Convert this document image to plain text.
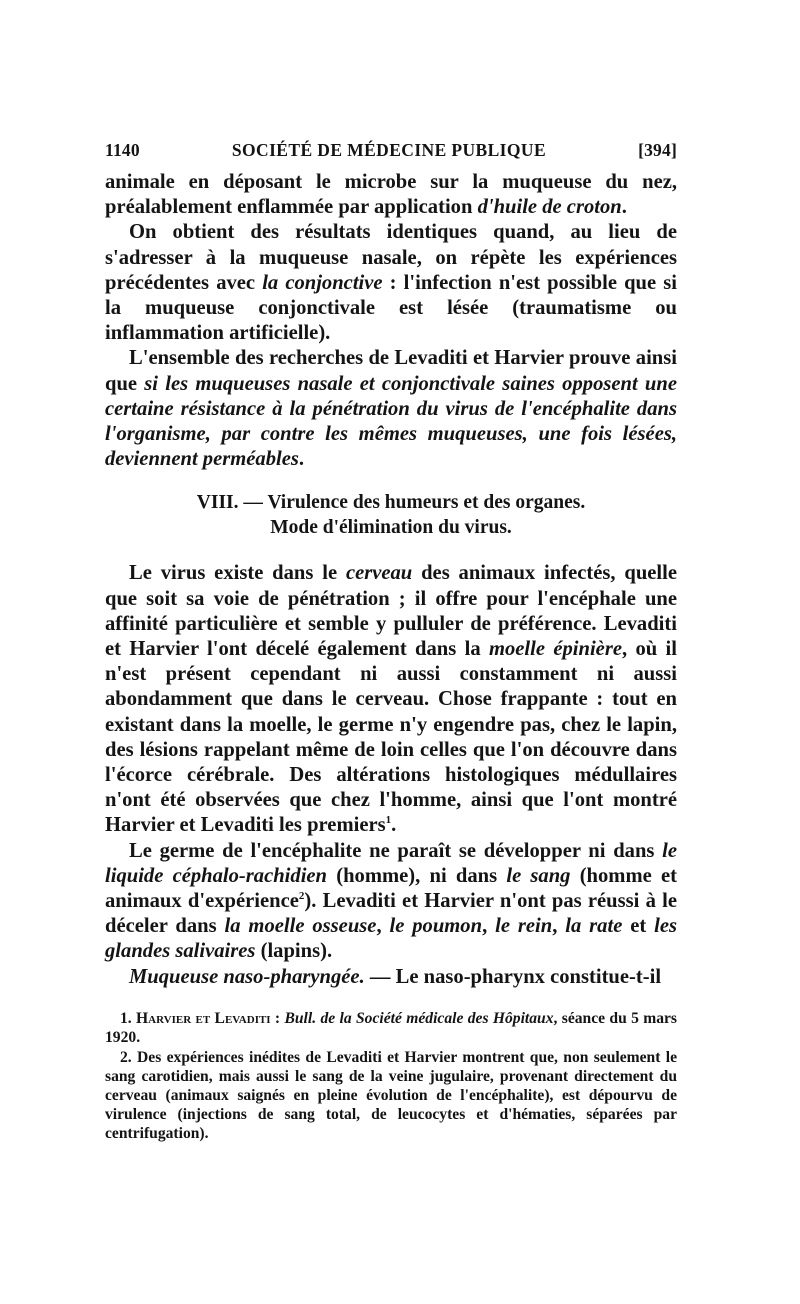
1140	SOCIÉTÉ DE MÉDECINE PUBLIQUE	[394]

animale en déposant le microbe sur la muqueuse du nez, préalablement enflammée par application d'huile de croton.

On obtient des résultats identiques quand, au lieu de s'adresser à la muqueuse nasale, on répète les expériences précédentes avec la conjonctive : l'infection n'est possible que si la muqueuse conjonctivale est lésée (traumatisme ou inflammation artificielle).

L'ensemble des recherches de Levaditi et Harvier prouve ainsi que si les muqueuses nasale et conjonctivale saines opposent une certaine résistance à la pénétration du virus de l'encéphalite dans l'organisme, par contre les mêmes muqueuses, une fois lésées, deviennent perméables.

VIII. — Virulence des humeurs et des organes.
Mode d'élimination du virus.

Le virus existe dans le cerveau des animaux infectés, quelle que soit sa voie de pénétration ; il offre pour l'encéphale une affinité particulière et semble y pulluler de préférence. Levaditi et Harvier l'ont décelé également dans la moelle épinière, où il n'est présent cependant ni aussi constamment ni aussi abondamment que dans le cerveau. Chose frappante : tout en existant dans la moelle, le germe n'y engendre pas, chez le lapin, des lésions rappelant même de loin celles que l'on découvre dans l'écorce cérébrale. Des altérations histologiques médullaires n'ont été observées que chez l'homme, ainsi que l'ont montré Harvier et Levaditi les premiers$^1$.

Le germe de l'encéphalite ne paraît se développer ni dans le liquide céphalo-rachidien (homme), ni dans le sang (homme et animaux d'expérience$^2$). Levaditi et Harvier n'ont pas réussi à le déceler dans la moelle osseuse, le poumon, le rein, la rate et les glandes salivaires (lapins).

Muqueuse naso-pharyngée. — Le naso-pharynx constitue-t-il

1. Harvier et Levaditi : Bull. de la Société médicale des Hôpitaux, séance du 5 mars 1920.

2. Des expériences inédites de Levaditi et Harvier montrent que, non seulement le sang carotidien, mais aussi le sang de la veine jugulaire, provenant directement du cerveau (animaux saignés en pleine évolution de l'encéphalite), est dépourvu de virulence (injections de sang total, de leucocytes et d'hématies, séparées par centrifugation).
